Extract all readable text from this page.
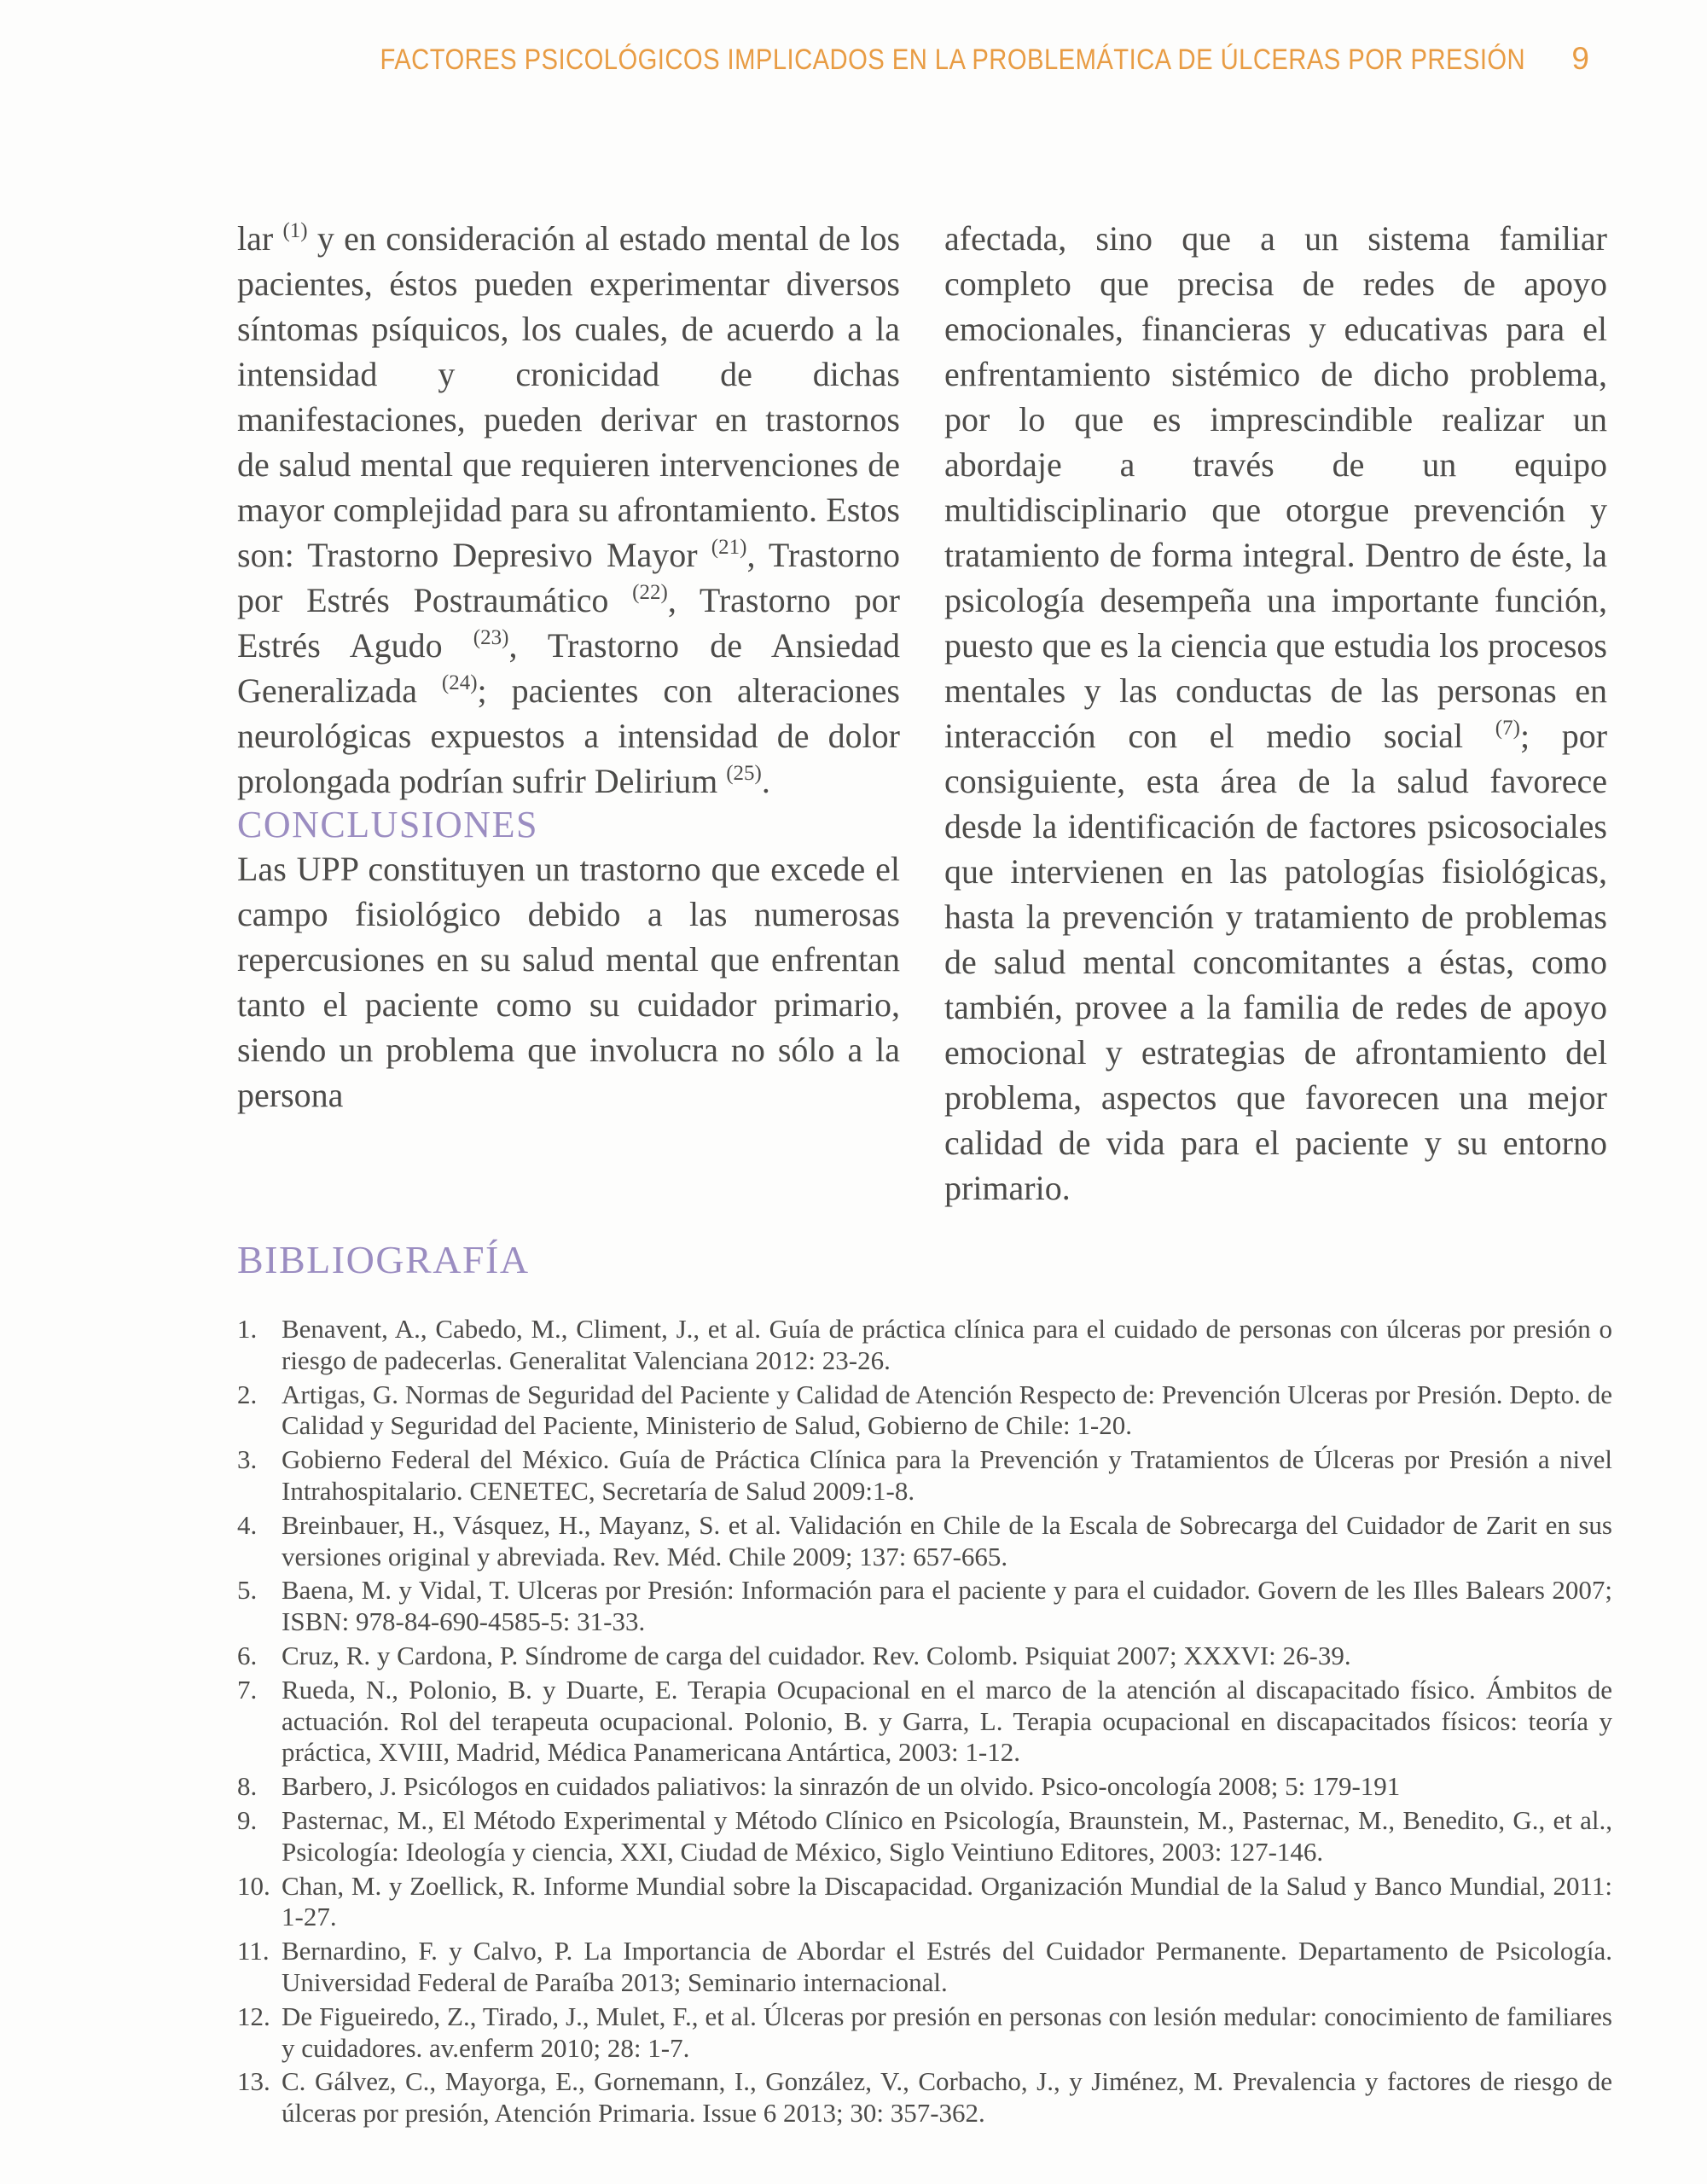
FACTORES PSICOLÓGICOS IMPLICADOS EN LA PROBLEMÁTICA DE ÚLCERAS POR PRESIÓN 9

lar $^{(1)}$ y en consideración al estado mental de los pacientes, éstos pueden experimentar diversos síntomas psíquicos, los cuales, de acuerdo a la intensidad y cronicidad de dichas manifestaciones, pueden derivar en trastornos de salud mental que requieren intervenciones de mayor complejidad para su afrontamiento. Estos son: Trastorno Depresivo Mayor $^{(21)}$, Trastorno por Estrés Postraumático $^{(22)}$, Trastorno por Estrés Agudo $^{(23)}$, Trastorno de Ansiedad Generalizada $^{(24)}$; pacientes con alteraciones neurológicas expuestos a intensidad de dolor prolongada podrían sufrir Delirium $^{(25)}$.

CONCLUSIONES

Las UPP constituyen un trastorno que excede el campo fisiológico debido a las numerosas repercusiones en su salud mental que enfrentan tanto el paciente como su cuidador primario, siendo un problema que involucra no sólo a la persona

afectada, sino que a un sistema familiar completo que precisa de redes de apoyo emocionales, financieras y educativas para el enfrentamiento sistémico de dicho problema, por lo que es imprescindible realizar un abordaje a través de un equipo multidisciplinario que otorgue prevención y tratamiento de forma integral. Dentro de éste, la psicología desempeña una importante función, puesto que es la ciencia que estudia los procesos mentales y las conductas de las personas en interacción con el medio social $^{(7)}$; por consiguiente, esta área de la salud favorece desde la identificación de factores psicosociales que intervienen en las patologías fisiológicas, hasta la prevención y tratamiento de problemas de salud mental concomitantes a éstas, como también, provee a la familia de redes de apoyo emocional y estrategias de afrontamiento del problema, aspectos que favorecen una mejor calidad de vida para el paciente y su entorno primario.

BIBLIOGRAFÍA
1. Benavent, A., Cabedo, M., Climent, J., et al. Guía de práctica clínica para el cuidado de personas con úlceras por presión o riesgo de padecerlas. Generalitat Valenciana 2012: 23-26.
2. Artigas, G. Normas de Seguridad del Paciente y Calidad de Atención Respecto de: Prevención Ulceras por Presión. Depto. de Calidad y Seguridad del Paciente, Ministerio de Salud, Gobierno de Chile: 1-20.
3. Gobierno Federal del México. Guía de Práctica Clínica para la Prevención y Tratamientos de Úlceras por Presión a nivel Intrahospitalario. CENETEC, Secretaría de Salud 2009:1-8.
4. Breinbauer, H., Vásquez, H., Mayanz, S. et al. Validación en Chile de la Escala de Sobrecarga del Cuidador de Zarit en sus versiones original y abreviada. Rev. Méd. Chile 2009; 137: 657-665.
5. Baena, M. y Vidal, T. Ulceras por Presión: Información para el paciente y para el cuidador. Govern de les Illes Balears 2007; ISBN: 978-84-690-4585-5: 31-33.
6. Cruz, R. y Cardona, P. Síndrome de carga del cuidador. Rev. Colomb. Psiquiat 2007; XXXVI: 26-39.
7. Rueda, N., Polonio, B. y Duarte, E. Terapia Ocupacional en el marco de la atención al discapacitado físico. Ámbitos de actuación. Rol del terapeuta ocupacional. Polonio, B. y Garra, L. Terapia ocupacional en discapacitados físicos: teoría y práctica, XVIII, Madrid, Médica Panamericana Antártica, 2003: 1-12.
8. Barbero, J. Psicólogos en cuidados paliativos: la sinrazón de un olvido. Psico-oncología 2008; 5: 179-191
9. Pasternac, M., El Método Experimental y Método Clínico en Psicología, Braunstein, M., Pasternac, M., Benedito, G., et al., Psicología: Ideología y ciencia, XXI, Ciudad de México, Siglo Veintiuno Editores, 2003: 127-146.
10. Chan, M. y Zoellick, R. Informe Mundial sobre la Discapacidad. Organización Mundial de la Salud y Banco Mundial, 2011: 1-27.
11. Bernardino, F. y Calvo, P. La Importancia de Abordar el Estrés del Cuidador Permanente. Departamento de Psicología. Universidad Federal de Paraíba 2013; Seminario internacional.
12. De Figueiredo, Z., Tirado, J., Mulet, F., et al. Úlceras por presión en personas con lesión medular: conocimiento de familiares y cuidadores. av.enferm 2010; 28: 1-7.
13. C. Gálvez, C., Mayorga, E., Gornemann, I., González, V., Corbacho, J., y Jiménez, M. Prevalencia y factores de riesgo de úlceras por presión, Atención Primaria. Issue 6 2013; 30: 357-362.
